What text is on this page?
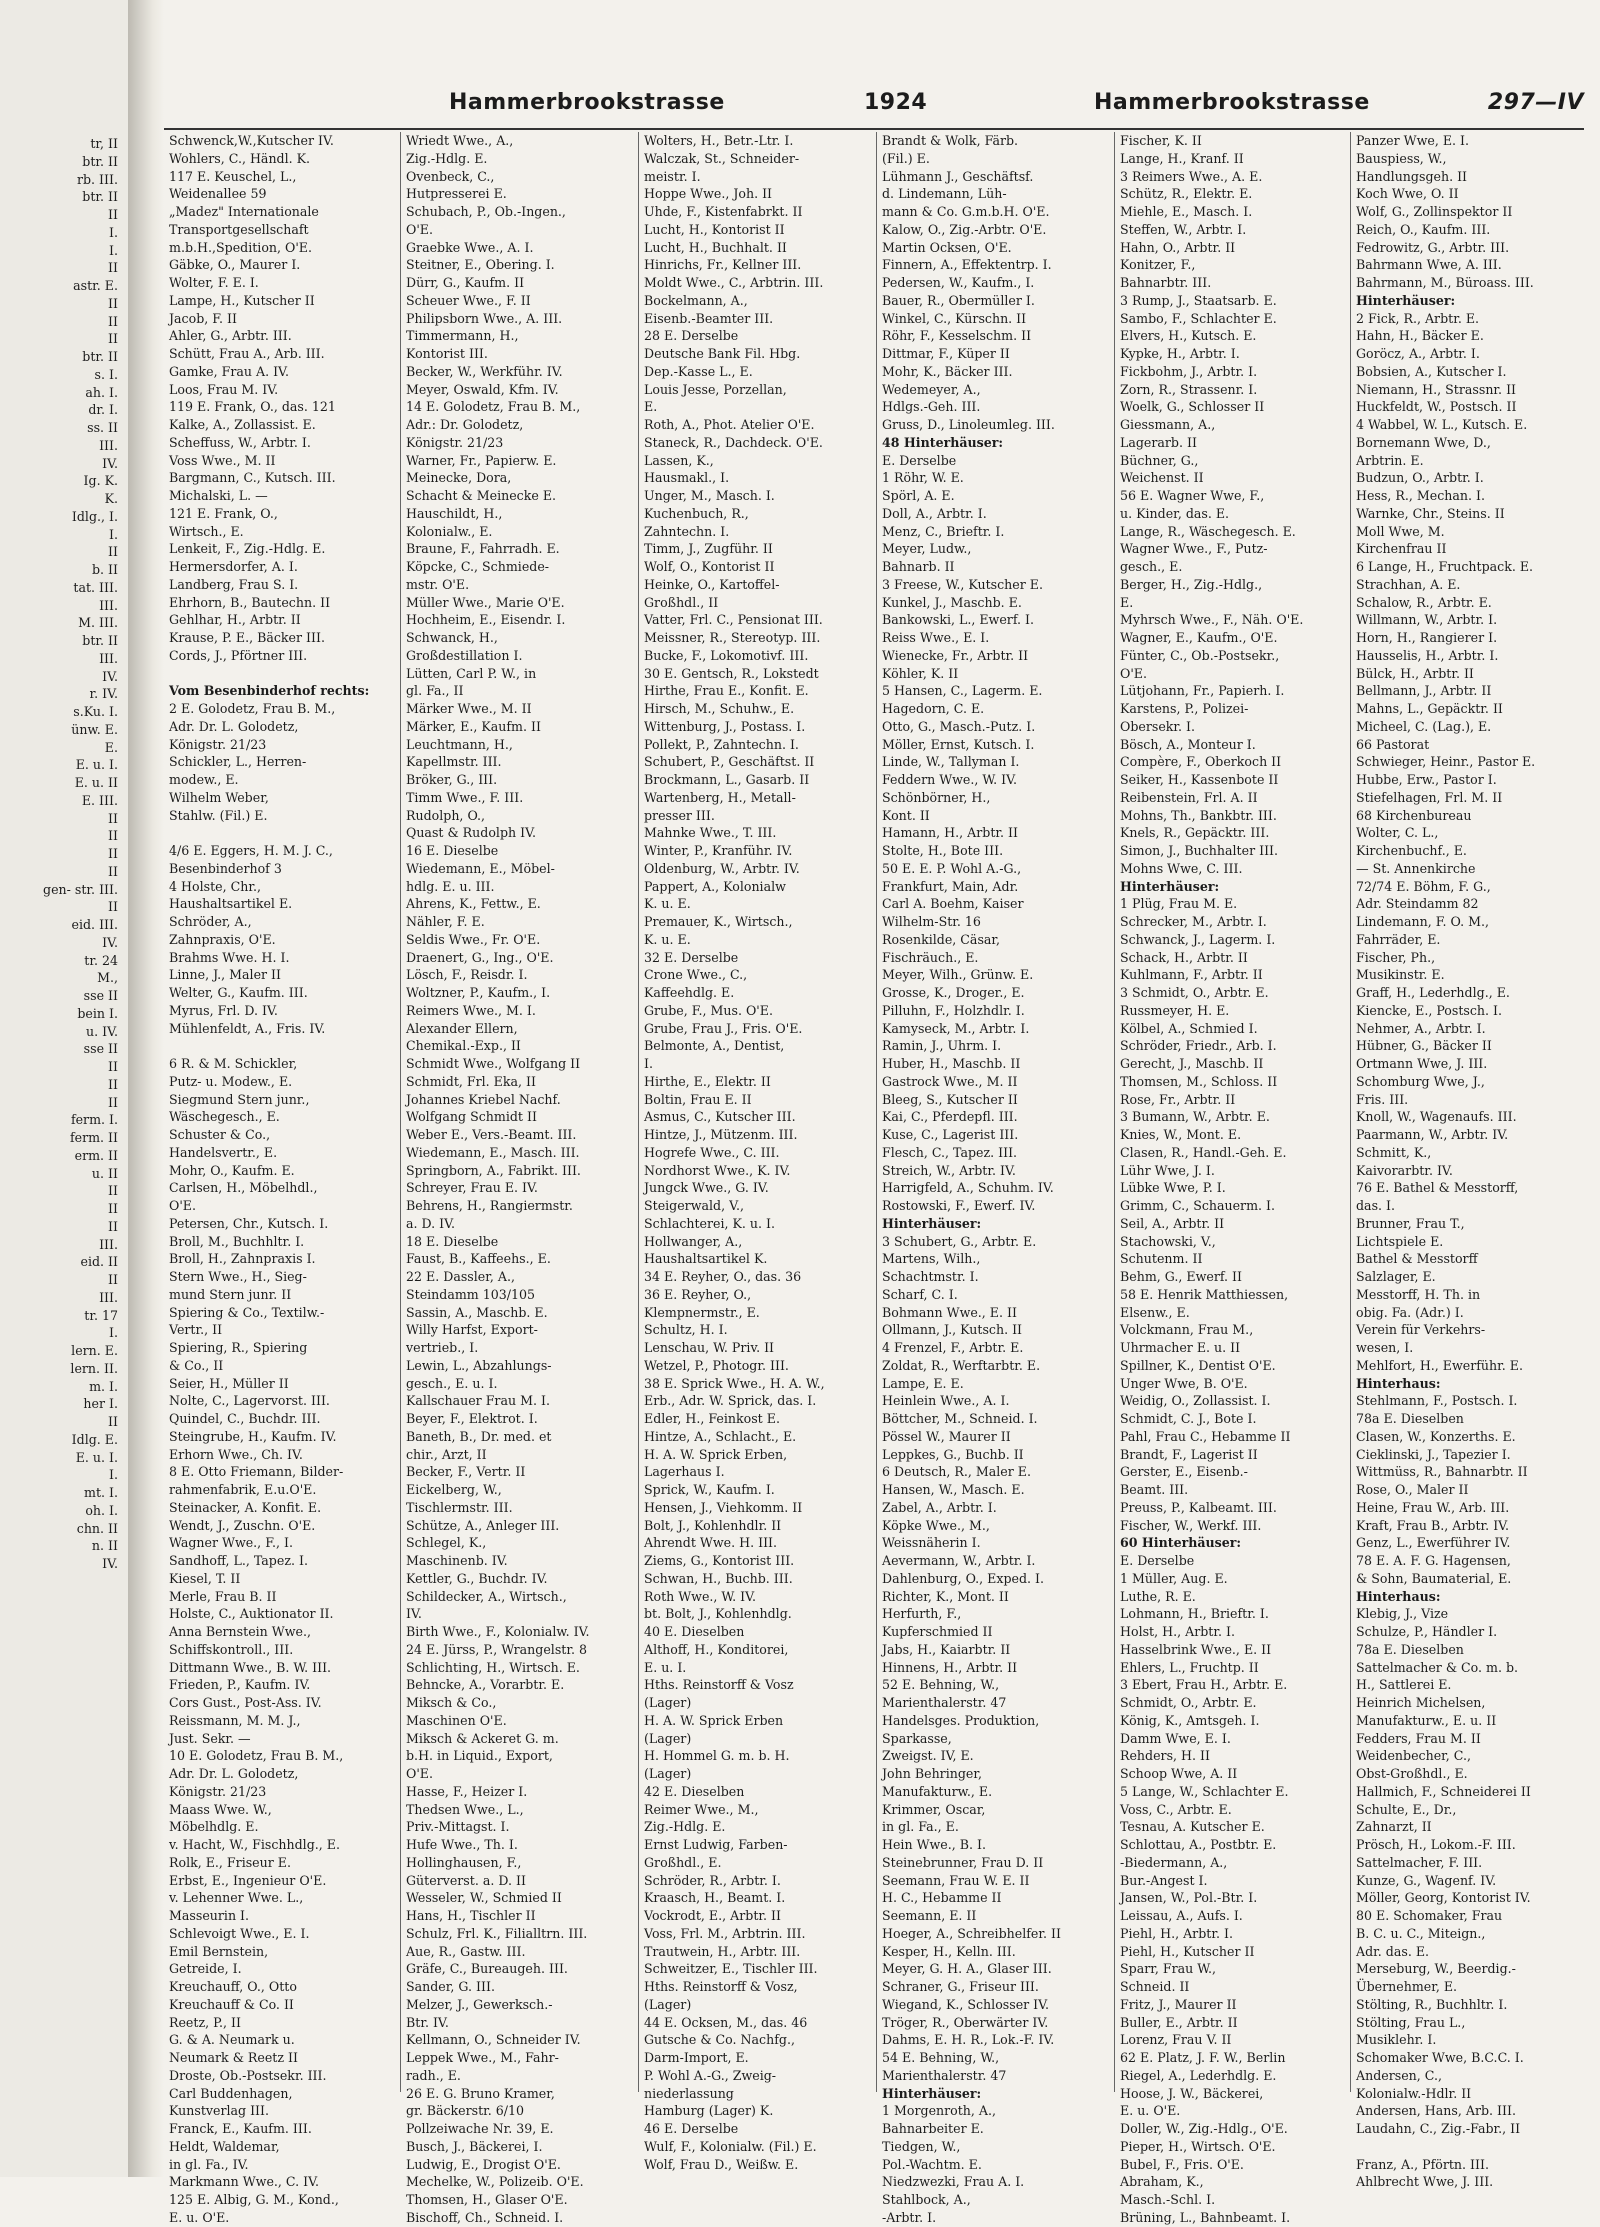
tr, II
btr. II
rb. III.
btr. II
II
I.
I.
II
astr. E.
II
II
II
btr. II
s. I.
ah. I.
dr. I.
ss. II
III.
IV.
Ig. K.
K.
Idlg., I.
I.
II
b. II
tat. III.
III.
M. III.
btr. II
III.
IV.
r. IV.
s.Ku. I.
ünw. E.
E.
E. u. I.
E. u. II
E. III.
II
II
II
II
gen- str. III.
II
eid. III.
IV.
tr. 24
M.,
sse II
bein I.
u. IV.
sse II
II
II
II
ferm. I.
ferm. II
erm. II
u. II
II
II
II
III.
eid. II
II
III.
tr. 17
I.
lern. E.
lern. II.
m. I.
her I.
II
Idlg. E.
E. u. I.
I.
mt. I.
oh. I.
chn. II
n. II
IV.
Hammerbrookstrasse	1924	Hammerbrookstrasse	297—IV
Schwenck,W.,Kutscher IV.
Wohlers, C., Händl. K.
117 E. Keuschel, L.,
Weidenallee 59
„Madez" Internationale
Transportgesellschaft
m.b.H.,Spedition, O'E.
Gäbke, O., Maurer I.
Wolter, F. E. I.
Lampe, H., Kutscher II
Jacob, F. II
Ahler, G., Arbtr. III.
Schütt, Frau A., Arb. III.
Gamke, Frau A. IV.
Loos, Frau M. IV.
119 E. Frank, O., das. 121
Kalke, A., Zollassist. E.
Scheffuss, W., Arbtr. I.
Voss Wwe., M. II
Bargmann, C., Kutsch. III.
Michalski, L. —
121 E. Frank, O.,
Wirtsch., E.
Lenkeit, F., Zig.-Hdlg. E.
Hermersdorfer, A. I.
Landberg, Frau S. I.
Ehrhorn, B., Bautechn. II
Gehlhar, H., Arbtr. II
Krause, P. E., Bäcker III.
Cords, J., Pförtner III.
Vom Besenbinderhof rechts:
2 E. Golodetz, Frau B. M.,
Adr. Dr. L. Golodetz,
Königstr. 21/23
Schickler, L., Herren-
modew., E.
Wilhelm Weber,
Stahlw. (Fil.) E.
4/6 E. Eggers, H. M. J. C.,
Besenbinderhof 3
4 Holste, Chr.,
Haushaltsartikel E.
Schröder, A.,
Zahnpraxis, O'E.
Brahms Wwe. H. I.
Linne, J., Maler II
Welter, G., Kaufm. III.
Myrus, Frl. D. IV.
Mühlenfeldt, A., Fris. IV.
6 R. & M. Schickler,
Putz- u. Modew., E.
Siegmund Stern junr.,
Wäschegesch., E.
Schuster & Co.,
Handelsvertr., E.
Mohr, O., Kaufm. E.
Carlsen, H., Möbelhdl.,
O'E.
Petersen, Chr., Kutsch. I.
Broll, M., Buchhltr. I.
Broll, H., Zahnpraxis I.
Stern Wwe., H., Sieg-
mund Stern junr. II
Spiering & Co., Textilw.-
Vertr., II
Spiering, R., Spiering
& Co., II
Seier, H., Müller II
Nolte, C., Lagervorst. III.
Quindel, C., Buchdr. III.
Steingrube, H., Kaufm. IV.
Erhorn Wwe., Ch. IV.
8 E. Otto Friemann, Bilder-
rahmenfabrik, E.u.O'E.
Steinacker, A. Konfit. E.
Wendt, J., Zuschn. O'E.
Wagner Wwe., F., I.
Sandhoff, L., Tapez. I.
Kiesel, T. II
Merle, Frau B. II
Holste, C., Auktionator II.
Anna Bernstein Wwe.,
Schiffskontroll., III.
Dittmann Wwe., B. W. III.
Frieden, P., Kaufm. IV.
Cors Gust., Post-Ass. IV.
Reissmann, M. M. J.,
Just. Sekr. —
10 E. Golodetz, Frau B. M.,
Adr. Dr. L. Golodetz,
Königstr. 21/23
Maass Wwe. W.,
Möbelhdlg. E.
v. Hacht, W., Fischhdlg., E.
Rolk, E., Friseur E.
Erbst, E., Ingenieur O'E.
v. Lehenner Wwe. L.,
Masseurin I.
Schlevoigt Wwe., E. I.
Emil Bernstein,
Getreide, I.
Kreuchauff, O., Otto
Kreuchauff & Co. II
Reetz, P., II
G. & A. Neumark u.
Neumark & Reetz II
Droste, Ob.-Postsekr. III.
Carl Buddenhagen,
Kunstverlag III.
Franck, E., Kaufm. III.
Heldt, Waldemar,
in gl. Fa., IV.
Markmann Wwe., C. IV.
125 E. Albig, G. M., Kond.,
E. u. O'E.
Wriedt Wwe., A.,
Zig.-Hdlg. E.
Ovenbeck, C.,
Hutpresserei E.
Schubach, P., Ob.-Ingen.,
O'E.
Graebke Wwe., A. I.
Steitner, E., Obering. I.
Dürr, G., Kaufm. II
Scheuer Wwe., F. II
Philipsborn Wwe., A. III.
Timmermann, H.,
Kontorist III.
Becker, W., Werkführ. IV.
Meyer, Oswald, Kfm. IV.
14 E. Golodetz, Frau B. M.,
Adr.: Dr. Golodetz,
Königstr. 21/23
Warner, Fr., Papierw. E.
Meinecke, Dora,
Schacht & Meinecke E.
Hauschildt, H.,
Kolonialw., E.
Braune, F., Fahrradh. E.
Köpcke, C., Schmiede-
mstr. O'E.
Müller Wwe., Marie O'E.
Hochheim, E., Eisendr. I.
Schwanck, H.,
Großdestillation I.
Lütten, Carl P. W., in
gl. Fa., II
Märker Wwe., M. II
Märker, E., Kaufm. II
Leuchtmann, H.,
Kapellmstr. III.
Bröker, G., III.
Timm Wwe., F. III.
Rudolph, O.,
Quast & Rudolph IV.
16 E. Dieselbe
Wiedemann, E., Möbel-
hdlg. E. u. III.
Ahrens, K., Fettw., E.
Nähler, F. E.
Seldis Wwe., Fr. O'E.
Draenert, G., Ing., O'E.
Lösch, F., Reisdr. I.
Woltzner, P., Kaufm., I.
Reimers Wwe., M. I.
Alexander Ellern,
Chemikal.-Exp., II
Schmidt Wwe., Wolfgang II
Schmidt, Frl. Eka, II
Johannes Kriebel Nachf.
Wolfgang Schmidt II
Weber E., Vers.-Beamt. III.
Wiedemann, E., Masch. III.
Springborn, A., Fabrikt. III.
Schreyer, Frau E. IV.
Behrens, H., Rangiermstr.
a. D. IV.
18 E. Dieselbe
Faust, B., Kaffeehs., E.
22 E. Dassler, A.,
Steindamm 103/105
Sassin, A., Maschb. E.
Willy Harfst, Export-
vertrieb., I.
Lewin, L., Abzahlungs-
gesch., E. u. I.
Kallschauer Frau M. I.
Beyer, F., Elektrot. I.
Baneth, B., Dr. med. et
chir., Arzt, II
Becker, F., Vertr. II
Eickelberg, W.,
Tischlermstr. III.
Schütze, A., Anleger III.
Schlegel, K.,
Maschinenb. IV.
Kettler, G., Buchdr. IV.
Schildecker, A., Wirtsch.,
IV.
Birth Wwe., F., Kolonialw. IV.
24 E. Jürss, P., Wrangelstr. 8
Schlichting, H., Wirtsch. E.
Behncke, A., Vorarbtr. E.
Miksch & Co.,
Maschinen O'E.
Miksch & Ackeret G. m.
b.H. in Liquid., Export,
O'E.
Hasse, F., Heizer I.
Thedsen Wwe., L.,
Priv.-Mittagst. I.
Hufe Wwe., Th. I.
Hollinghausen, F.,
Güterverst. a. D. II
Wesseler, W., Schmied II
Hans, H., Tischler II
Schulz, Frl. K., Filialltrn. III.
Aue, R., Gastw. III.
Gräfe, C., Bureaugeh. III.
Sander, G. III.
Melzer, J., Gewerksch.-
Btr. IV.
Kellmann, O., Schneider IV.
Leppek Wwe., M., Fahr-
radh., E.
26 E. G. Bruno Kramer,
gr. Bäckerstr. 6/10
Pollzeiwache Nr. 39, E.
Busch, J., Bäckerei, I.
Ludwig, E., Drogist O'E.
Mechelke, W., Polizeib. O'E.
Thomsen, H., Glaser O'E.
Bischoff, Ch., Schneid. I.
Wolters, H., Betr.-Ltr. I.
Walczak, St., Schneider-
meistr. I.
Hoppe Wwe., Joh. II
Uhde, F., Kistenfabrkt. II
Lucht, H., Kontorist II
Lucht, H., Buchhalt. II
Hinrichs, Fr., Kellner III.
Moldt Wwe., C., Arbtrin. III.
Bockelmann, A.,
Eisenb.-Beamter III.
28 E. Derselbe
Deutsche Bank Fil. Hbg.
Dep.-Kasse L., E.
Louis Jesse, Porzellan,
E.
Roth, A., Phot. Atelier O'E.
Staneck, R., Dachdeck. O'E.
Lassen, K.,
Hausmakl., I.
Unger, M., Masch. I.
Kuchenbuch, R.,
Zahntechn. I.
Timm, J., Zugführ. II
Wolf, O., Kontorist II
Heinke, O., Kartoffel-
Großhdl., II
Vatter, Frl. C., Pensionat III.
Meissner, R., Stereotyp. III.
Bucke, F., Lokomotivf. III.
30 E. Gentsch, R., Lokstedt
Hirthe, Frau E., Konfit. E.
Hirsch, M., Schuhw., E.
Wittenburg, J., Postass. I.
Pollekt, P., Zahntechn. I.
Schubert, P., Geschäftst. II
Brockmann, L., Gasarb. II
Wartenberg, H., Metall-
presser III.
Mahnke Wwe., T. III.
Winter, P., Kranführ. IV.
Oldenburg, W., Arbtr. IV.
Pappert, A., Kolonialw
K. u. E.
Premauer, K., Wirtsch.,
K. u. E.
32 E. Derselbe
Crone Wwe., C.,
Kaffeehdlg. E.
Grube, F., Mus. O'E.
Grube, Frau J., Fris. O'E.
Belmonte, A., Dentist,
I.
Hirthe, E., Elektr. II
Boltin, Frau E. II
Asmus, C., Kutscher III.
Hintze, J., Mützenm. III.
Hogrefe Wwe., C. III.
Nordhorst Wwe., K. IV.
Jungck Wwe., G. IV.
Steigerwald, V.,
Schlachterei, K. u. I.
Hollwanger, A.,
Haushaltsartikel K.
34 E. Reyher, O., das. 36
36 E. Reyher, O.,
Klempnermstr., E.
Schultz, H. I.
Lenschau, W. Priv. II
Wetzel, P., Photogr. III.
38 E. Sprick Wwe., H. A. W.,
Erb., Adr. W. Sprick, das. I.
Edler, H., Feinkost E.
Hintze, A., Schlacht., E.
H. A. W. Sprick Erben,
Lagerhaus I.
Sprick, W., Kaufm. I.
Hensen, J., Viehkomm. II
Bolt, J., Kohlenhdlr. II
Ahrendt Wwe. H. III.
Ziems, G., Kontorist III.
Schwan, H., Buchb. III.
Roth Wwe., W. IV.
bt. Bolt, J., Kohlenhdlg.
40 E. Dieselben
Althoff, H., Konditorei,
E. u. I.
Hths. Reinstorff & Vosz
(Lager)
H. A. W. Sprick Erben
(Lager)
H. Hommel G. m. b. H.
(Lager)
42 E. Dieselben
Reimer Wwe., M.,
Zig.-Hdlg. E.
Ernst Ludwig, Farben-
Großhdl., E.
Schröder, R., Arbtr. I.
Kraasch, H., Beamt. I.
Vockrodt, E., Arbtr. II
Voss, Frl. M., Arbtrin. III.
Trautwein, H., Arbtr. III.
Schweitzer, E., Tischler III.
Hths. Reinstorff & Vosz,
(Lager)
44 E. Ocksen, M., das. 46
Gutsche & Co. Nachfg.,
Darm-Import, E.
P. Wohl A.-G., Zweig-
niederlassung
Hamburg (Lager) K.
46 E. Derselbe
Wulf, F., Kolonialw. (Fil.) E.
Wolf, Frau D., Weißw. E.
Brandt & Wolk, Färb.
(Fil.) E.
Lühmann J., Geschäftsf.
d. Lindemann, Lüh-
mann & Co. G.m.b.H. O'E.
Kalow, O., Zig.-Arbtr. O'E.
Martin Ocksen, O'E.
Finnern, A., Effektentrp. I.
Pedersen, W., Kaufm., I.
Bauer, R., Obermüller I.
Winkel, C., Kürschn. II
Röhr, F., Kesselschm. II
Dittmar, F., Küper II
Mohr, K., Bäcker III.
Wedemeyer, A.,
Hdlgs.-Geh. III.
Gruss, D., Linoleumleg. III.
48 Hinterhäuser:
E. Derselbe
1 Röhr, W. E.
Spörl, A. E.
Doll, A., Arbtr. I.
Menz, C., Brieftr. I.
Meyer, Ludw.,
Bahnarb. II
3 Freese, W., Kutscher E.
Kunkel, J., Maschb. E.
Bankowski, L., Ewerf. I.
Reiss Wwe., E. I.
Wienecke, Fr., Arbtr. II
Köhler, K. II
5 Hansen, C., Lagerm. E.
Hagedorn, C. E.
Otto, G., Masch.-Putz. I.
Möller, Ernst, Kutsch. I.
Linde, W., Tallyman I.
Feddern Wwe., W. IV.
Schönbörner, H.,
Kont. II
Hamann, H., Arbtr. II
Stolte, H., Bote III.
50 E. E. P. Wohl A.-G.,
Frankfurt, Main, Adr.
Carl A. Boehm, Kaiser
Wilhelm-Str. 16
Rosenkilde, Cäsar,
Fischräuch., E.
Meyer, Wilh., Grünw. E.
Grosse, K., Droger., E.
Pilluhn, F., Holzhdlr. I.
Kamyseck, M., Arbtr. I.
Ramin, J., Uhrm. I.
Huber, H., Maschb. II
Gastrock Wwe., M. II
Bleeg, S., Kutscher II
Kai, C., Pferdepfl. III.
Kuse, C., Lagerist III.
Flesch, C., Tapez. III.
Streich, W., Arbtr. IV.
Harrigfeld, A., Schuhm. IV.
Rostowski, F., Ewerf. IV.
Hinterhäuser:
3 Schubert, G., Arbtr. E.
Martens, Wilh.,
Schachtmstr. I.
Scharf, C. I.
Bohmann Wwe., E. II
Ollmann, J., Kutsch. II
4 Frenzel, F., Arbtr. E.
Zoldat, R., Werftarbtr. E.
Lampe, E. E.
Heinlein Wwe., A. I.
Böttcher, M., Schneid. I.
Pössel W., Maurer II
Leppkes, G., Buchb. II
6 Deutsch, R., Maler E.
Hansen, W., Masch. E.
Zabel, A., Arbtr. I.
Köpke Wwe., M.,
Weissnäherin I.
Aevermann, W., Arbtr. I.
Dahlenburg, O., Exped. I.
Richter, K., Mont. II
Herfurth, F.,
Kupferschmied II
Jabs, H., Kaiarbtr. II
Hinnens, H., Arbtr. II
52 E. Behning, W.,
Marienthalerstr. 47
Handelsges. Produktion,
Sparkasse,
Zweigst. IV, E.
John Behringer,
Manufakturw., E.
Krimmer, Oscar,
in gl. Fa., E.
Hein Wwe., B. I.
Steinebrunner, Frau D. II
Seemann, Frau W. E. II
H. C., Hebamme II
Seemann, E. II
Hoeger, A., Schreibhelfer. II
Kesper, H., Kelln. III.
Meyer, G. H. A., Glaser III.
Schraner, G., Friseur III.
Wiegand, K., Schlosser IV.
Tröger, R., Oberwärter IV.
Dahms, E. H. R., Lok.-F. IV.
54 E. Behning, W.,
Marienthalerstr. 47
Hinterhäuser:
1 Morgenroth, A.,
Bahnarbeiter E.
Tiedgen, W.,
Pol.-Wachtm. E.
Niedzwezki, Frau A. I.
Stahlbock, A.,
-Arbtr. I.
Fischer, K. II
Lange, H., Kranf. II
3 Reimers Wwe., A. E.
Schütz, R., Elektr. E.
Miehle, E., Masch. I.
Steffen, W., Arbtr. I.
Hahn, O., Arbtr. II
Konitzer, F.,
Bahnarbtr. III.
3 Rump, J., Staatsarb. E.
Sambo, F., Schlachter E.
Elvers, H., Kutsch. E.
Kypke, H., Arbtr. I.
Fickbohm, J., Arbtr. I.
Zorn, R., Strassenr. I.
Woelk, G., Schlosser II
Giessmann, A.,
Lagerarb. II
Büchner, G.,
Weichenst. II
56 E. Wagner Wwe, F.,
u. Kinder, das. E.
Lange, R., Wäschegesch. E.
Wagner Wwe., F., Putz-
gesch., E.
Berger, H., Zig.-Hdlg.,
E.
Myhrsch Wwe., F., Näh. O'E.
Wagner, E., Kaufm., O'E.
Fünter, C., Ob.-Postsekr.,
O'E.
Lütjohann, Fr., Papierh. I.
Karstens, P., Polizei-
Obersekr. I.
Bösch, A., Monteur I.
Compère, F., Oberkoch II
Seiker, H., Kassenbote II
Reibenstein, Frl. A. II
Mohns, Th., Bankbtr. III.
Knels, R., Gepäcktr. III.
Simon, J., Buchhalter III.
Mohns Wwe, C. III.
Hinterhäuser:
1 Plüg, Frau M. E.
Schrecker, M., Arbtr. I.
Schwanck, J., Lagerm. I.
Schack, H., Arbtr. II
Kuhlmann, F., Arbtr. II
3 Schmidt, O., Arbtr. E.
Russmeyer, H. E.
Kölbel, A., Schmied I.
Schröder, Friedr., Arb. I.
Gerecht, J., Maschb. II
Thomsen, M., Schloss. II
Rose, Fr., Arbtr. II
3 Bumann, W., Arbtr. E.
Knies, W., Mont. E.
Clasen, R., Handl.-Geh. E.
Lühr Wwe, J. I.
Lübke Wwe, P. I.
Grimm, C., Schauerm. I.
Seil, A., Arbtr. II
Stachowski, V.,
Schutenm. II
Behm, G., Ewerf. II
58 E. Henrik Matthiessen,
Elsenw., E.
Volckmann, Frau M.,
Uhrmacher E. u. II
Spillner, K., Dentist O'E.
Unger Wwe, B. O'E.
Weidig, O., Zollassist. I.
Schmidt, C. J., Bote I.
Pahl, Frau C., Hebamme II
Brandt, F., Lagerist II
Gerster, E., Eisenb.-
Beamt. III.
Preuss, P., Kalbeamt. III.
Fischer, W., Werkf. III.
60 Hinterhäuser:
E. Derselbe
1 Müller, Aug. E.
Luthe, R. E.
Lohmann, H., Brieftr. I.
Holst, H., Arbtr. I.
Hasselbrink Wwe., E. II
Ehlers, L., Fruchtp. II
3 Ebert, Frau H., Arbtr. E.
Schmidt, O., Arbtr. E.
König, K., Amtsgeh. I.
Damm Wwe, E. I.
Rehders, H. II
Schoop Wwe, A. II
5 Lange, W., Schlachter E.
Voss, C., Arbtr. E.
Tesnau, A. Kutscher E.
Schlottau, A., Postbtr. E.
-Biedermann, A.,
Bur.-Angest I.
Jansen, W., Pol.-Btr. I.
Leissau, A., Aufs. I.
Piehl, H., Arbtr. I.
Piehl, H., Kutscher II
Sparr, Frau W.,
Schneid. II
Fritz, J., Maurer II
Buller, E., Arbtr. II
Lorenz, Frau V. II
62 E. Platz, J. F. W., Berlin
Riegel, A., Lederhdlg. E.
Hoose, J. W., Bäckerei,
E. u. O'E.
Doller, W., Zig.-Hdlg., O'E.
Pieper, H., Wirtsch. O'E.
Bubel, F., Fris. O'E.
Abraham, K.,
Masch.-Schl. I.
Brüning, L., Bahnbeamt. I.
Panzer Wwe, E. I.
Bauspiess, W.,
Handlungsgeh. II
Koch Wwe, O. II
Wolf, G., Zollinspektor II
Reich, O., Kaufm. III.
Fedrowitz, G., Arbtr. III.
Bahrmann Wwe, A. III.
Bahrmann, M., Büroass. III.
Hinterhäuser:
2 Fick, R., Arbtr. E.
Hahn, H., Bäcker E.
Goröcz, A., Arbtr. I.
Bobsien, A., Kutscher I.
Niemann, H., Strassnr. II
Huckfeldt, W., Postsch. II
4 Wabbel, W. L., Kutsch. E.
Bornemann Wwe, D.,
Arbtrin. E.
Budzun, O., Arbtr. I.
Hess, R., Mechan. I.
Warnke, Chr., Steins. II
Moll Wwe, M.
Kirchenfrau II
6 Lange, H., Fruchtpack. E.
Strachhan, A. E.
Schalow, R., Arbtr. E.
Willmann, W., Arbtr. I.
Horn, H., Rangierer I.
Hausselis, H., Arbtr. I.
Bülck, H., Arbtr. II
Bellmann, J., Arbtr. II
Mahns, L., Gepäcktr. II
Micheel, C. (Lag.), E.
66 Pastorat
Schwieger, Heinr., Pastor E.
Hubbe, Erw., Pastor I.
Stiefelhagen, Frl. M. II
68 Kirchenbureau
Wolter, C. L.,
Kirchenbuchf., E.
— St. Annenkirche
72/74 E. Böhm, F. G.,
Adr. Steindamm 82
Lindemann, F. O. M.,
Fahrräder, E.
Fischer, Ph.,
Musikinstr. E.
Graff, H., Lederhdlg., E.
Kiencke, E., Postsch. I.
Nehmer, A., Arbtr. I.
Hübner, G., Bäcker II
Ortmann Wwe, J. III.
Schomburg Wwe, J.,
Fris. III.
Knoll, W., Wagenaufs. III.
Paarmann, W., Arbtr. IV.
Schmitt, K.,
Kaivorarbtr. IV.
76 E. Bathel & Messtorff,
das. I.
Brunner, Frau T.,
Lichtspiele E.
Bathel & Messtorff
Salzlager, E.
Messtorff, H. Th. in
obig. Fa. (Adr.) I.
Verein für Verkehrs-
wesen, I.
Mehlfort, H., Ewerführ. E.
Hinterhaus:
Stehlmann, F., Postsch. I.
78a E. Dieselben
Clasen, W., Konzerths. E.
Cieklinski, J., Tapezier I.
Wittmüss, R., Bahnarbtr. II
Rose, O., Maler II
Heine, Frau W., Arb. III.
Kraft, Frau B., Arbtr. IV.
Genz, L., Ewerführer IV.
78 E. A. F. G. Hagensen,
& Sohn, Baumaterial, E.
Hinterhaus:
Klebig, J., Vize
Schulze, P., Händler I.
78a E. Dieselben
Sattelmacher & Co. m. b.
H., Sattlerei E.
Heinrich Michelsen,
Manufakturw., E. u. II
Fedders, Frau M. II
Weidenbecher, C.,
Obst-Großhdl., E.
Hallmich, F., Schneiderei II
Schulte, E., Dr.,
Zahnarzt, II
Prösch, H., Lokom.-F. III.
Sattelmacher, F. III.
Kunze, G., Wagenf. IV.
Möller, Georg, Kontorist IV.
80 E. Schomaker, Frau
B. C. u. C., Miteign.,
Adr. das. E.
Merseburg, W., Beerdig.-
Übernehmer, E.
Stölting, R., Buchhltr. I.
Stölting, Frau L.,
Musiklehr. I.
Schomaker Wwe, B.C.C. I.
Andersen, C.,
Kolonialw.-Hdlr. II
Andersen, Hans, Arb. III.
Laudahn, C., Zig.-Fabr., II
Franz, A., Pförtn. III.
Ahlbrecht Wwe, J. III.
